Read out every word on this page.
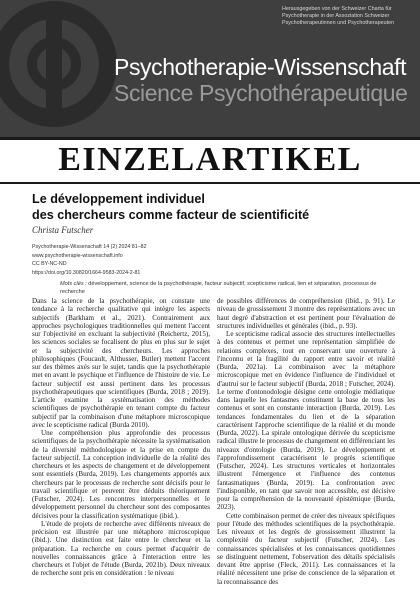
Herausgegeben von der Schweizer Charta für Psychotherapie in der Assoziation Schweizer Psychotherapeutinnen und Psychotherapeuten
Psychotherapie-Wissenschaft
Science Psychothérapeutique
EINZELARTIKEL
Le développement individuel
des chercheurs comme facteur de scientificité
Christa Futscher
Psychotherapie-Wissenschaft 14 (2) 2024 81–82
www.psychotherapie-wissenschaft.info
CC BY-NC-ND
https://doi.org/10.30820/1664-9583-2024-2-81
Mots clés : développement, science de la psychothérapie, facteur subjectif, scepticisme radical, lien et séparation, processus de recherche

Dans la science de la psychothérapie, on constate une tendance à la recherche qualitative qui intègre les aspects subjectifs (Barkham et al., 2021). Contrairement aux approches psychologiques traditionnelles qui mettent l'accent sur l'objectivité en excluant la subjectivité (Reichertz, 2015), les sciences sociales se focalisent de plus en plus sur le sujet et la subjectivité des chercheurs. Les approches philosophiques (Foucault, Althusser, Butler) mettent l'accent sur des thèmes axés sur le sujet, tandis que la psychothérapie met en avant le psychique et l'influence de l'histoire de vie. Le facteur subjectif est aussi pertinent dans les processus psychothérapeutiques que scientifiques (Burda, 2018 ; 2019). L'article examine la systématisation des méthodes scientifiques de psychothérapie en tenant compte du facteur subjectif par la combinaison d'une métaphore microscopique avec le scepticisme radical (Burda 2010).

Une compréhension plus approfondie des processus scientifiques de la psychothérapie nécessite la systématisation de la diversité méthodologique et la prise en compte du facteur subjectif. La conception individuelle de la réalité des chercheurs et les aspects de changement et de développement sont essentiels (Burda, 2019). Les changements apportés aux chercheurs par le processus de recherche sont décisifs pour le travail scientifique et peuvent être déduits théoriquement (Futscher, 2024). Les rencontres interpersonnelles et le développement personnel du chercheur sont des composantes décisives pour la classification systématique (ibid.).

L'étude de projets de recherche avec différents niveaux de précision est illustrée par une métaphore microscopique (ibid.). Une distinction est faite entre le chercheur et la préparation. La recherche en cours permet d'acquérir de nouvelles connaissances grâce à l'interaction entre les chercheurs et l'objet de l'étude (Burda, 2021b). Deux niveaux de recherche sont pris en considération : le niveau

de possibles différences de compréhension (ibid., p. 91). Le niveau de grossissement 3 montre des représentations avec un haut degré d'abstraction et est pertinent pour l'évaluation de structures individuelles et générales (ibid., p. 93).

Le scepticisme radical associe des structures intellectuelles à des contenus et permet une représentation simplifiée de relations complexes, tout en conservant une ouverture à l'inconnu et la fragilité du rapport entre savoir et réalité (Burda, 2021a). La combinaison avec la métaphore microscopique met en évidence l'influence de l'individuel et d'autrui sur le facteur subjectif (Burda, 2018 ; Futscher, 2024). Le terme d'ontonodologie désigne cette ontologie médiatique dans laquelle les fantasmes constituent la base de tous les contenus et sont en constante interaction (Burda, 2019). Les tendances fondamentales du lien et de la séparation caractérisent l'approche scientifique de la réalité et du monde (Burda, 2022). La spirale ontologique dérivée du scepticisme radical illustre le processus de changement en différenciant les niveaux d'ontologie (Burda, 2019). Le développement et l'approfondissement caractérisent le progrès scientifique (Futscher, 2024). Les structures verticales et horizontales illustrent l'émergence et l'influence des contenus fantasmatiques (Burda, 2019). La confrontation avec l'indisponible, en tant que savoir non accessible, est décisive pour la compréhension de la nouveauté épistémique (Burda, 2023).

Cette combinaison permet de créer des niveaux spécifiques pour l'étude des méthodes scientifiques de la psychothérapie. Les niveaux et les degrés de grossissement illustrent la complexité du facteur subjectif (Futscher, 2024). Les connaissances spécialisées et les connaissances quotidiennes se distinguent nettement, l'observation des détails spécialisés devant être apprise (Fleck, 2011). Les connaissances et la réalité nécessitent une prise de conscience de la séparation et la reconnaissance des
